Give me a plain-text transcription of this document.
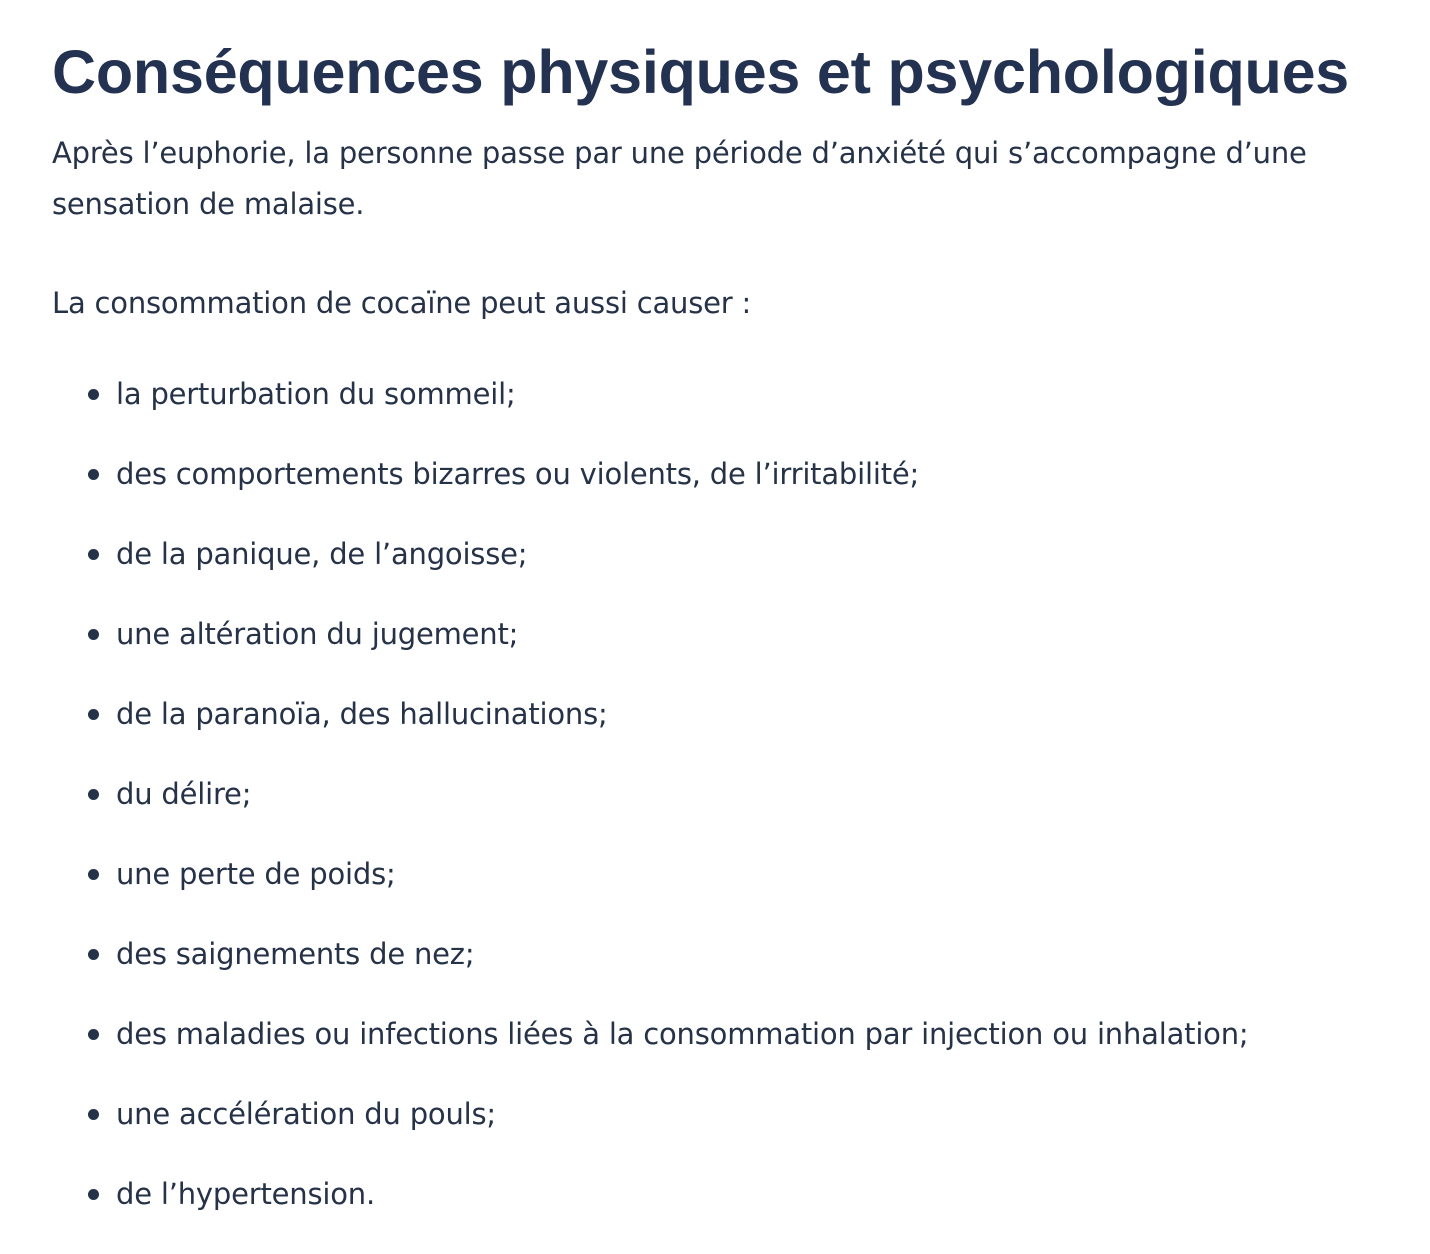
Conséquences physiques et psychologiques

Après l’euphorie, la personne passe par une période d’anxiété qui s’accompagne d’une sensation de malaise.

La consommation de cocaïne peut aussi causer :

la perturbation du sommeil;
des comportements bizarres ou violents, de l’irritabilité;
de la panique, de l’angoisse;
une altération du jugement;
de la paranoïa, des hallucinations;
du délire;
une perte de poids;
des saignements de nez;
des maladies ou infections liées à la consommation par injection ou inhalation;
une accélération du pouls;
de l’hypertension.
